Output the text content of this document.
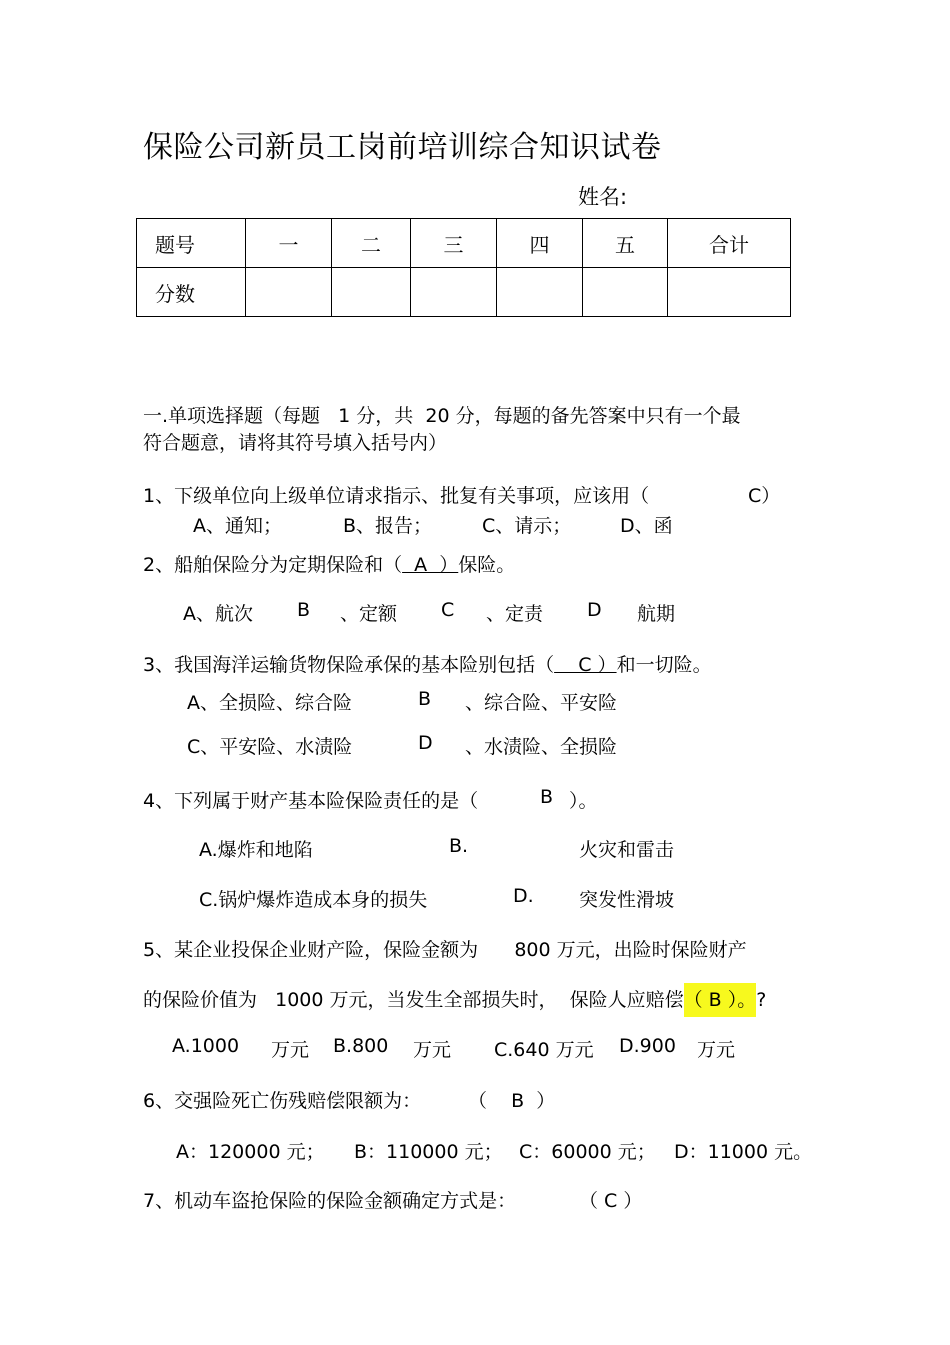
保险公司新员工岗前培训综合知识试卷
姓名:
题号	一	二	三	四	五	合计
分数						
一.单项选择题（每题   1 分，共  20 分，每题的备先答案中只有一个最
符合题意，请将其符号填入括号内）
1、下级单位向上级单位请求指示、批复有关事项，应该用（	C）
A、通知；	B、报告；	C、请示；	D、函
2、船舶保险分为定期保险和（  A  ）保险。
A、航次 B 、定额 C 、定责 D 航期
3、我国海洋运输货物保险承保的基本险别包括（    C ）和一切险。
A、全损险、综合险	B 、综合险、平安险
C、平安险、水渍险	D 、水渍险、全损险
4、下列属于财产基本险保险责任的是（	B ）。
A.爆炸和地陷	B.	火灾和雷击
C.锅炉爆炸造成本身的损失	D. 突发性滑坡
5、某企业投保企业财产险，保险金额为      800 万元，出险时保险财产
的保险价值为   1000 万元，当发生全部损失时，  保险人应赔偿（ B ）。?
A.1000 万元 B.800 万元 C.640 万元 D.900 万元
6、交强险死亡伤残赔偿限额为： （    B  ）
A：120000 元； B：110000 元； C：60000 元； D：11000 元。
7、机动车盗抢保险的保险金额确定方式是：	（ C ）
